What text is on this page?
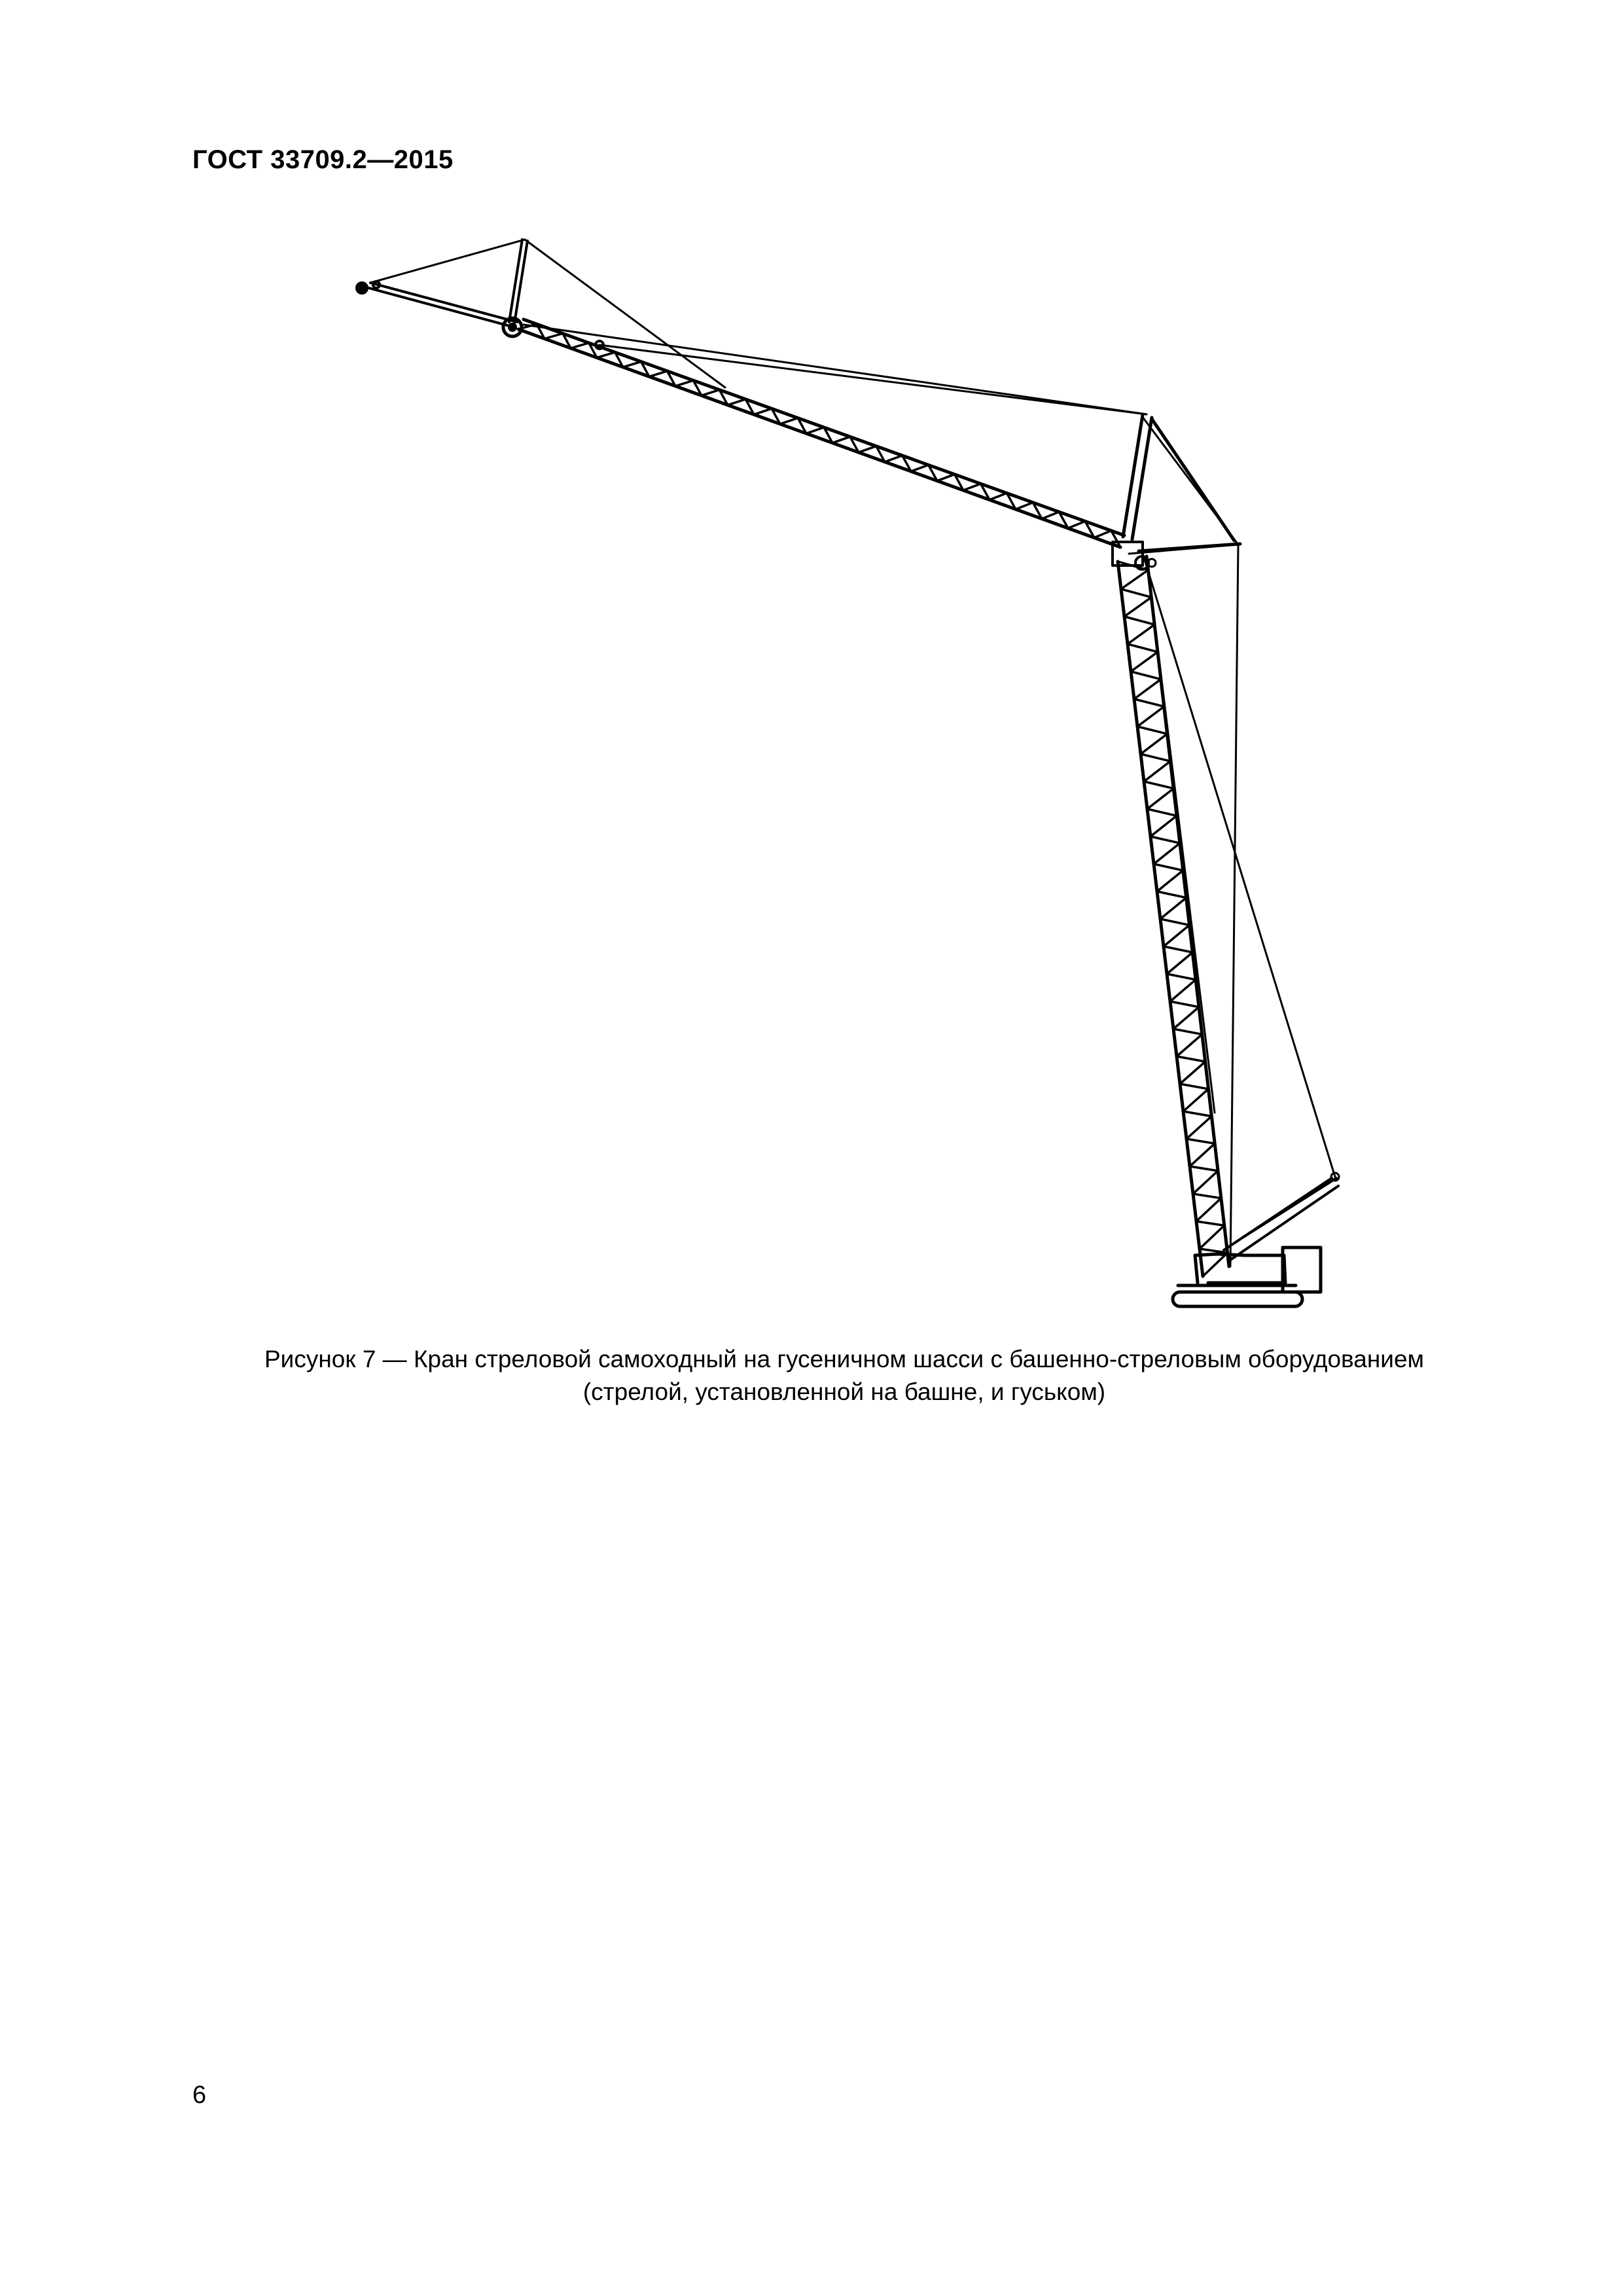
ГОСТ 33709.2—2015
Рисунок 7 — Кран стреловой самоходный на гусеничном шасси с башенно-стреловым оборудованием
(стрелой, установленной на башне, и гуськом)
6
